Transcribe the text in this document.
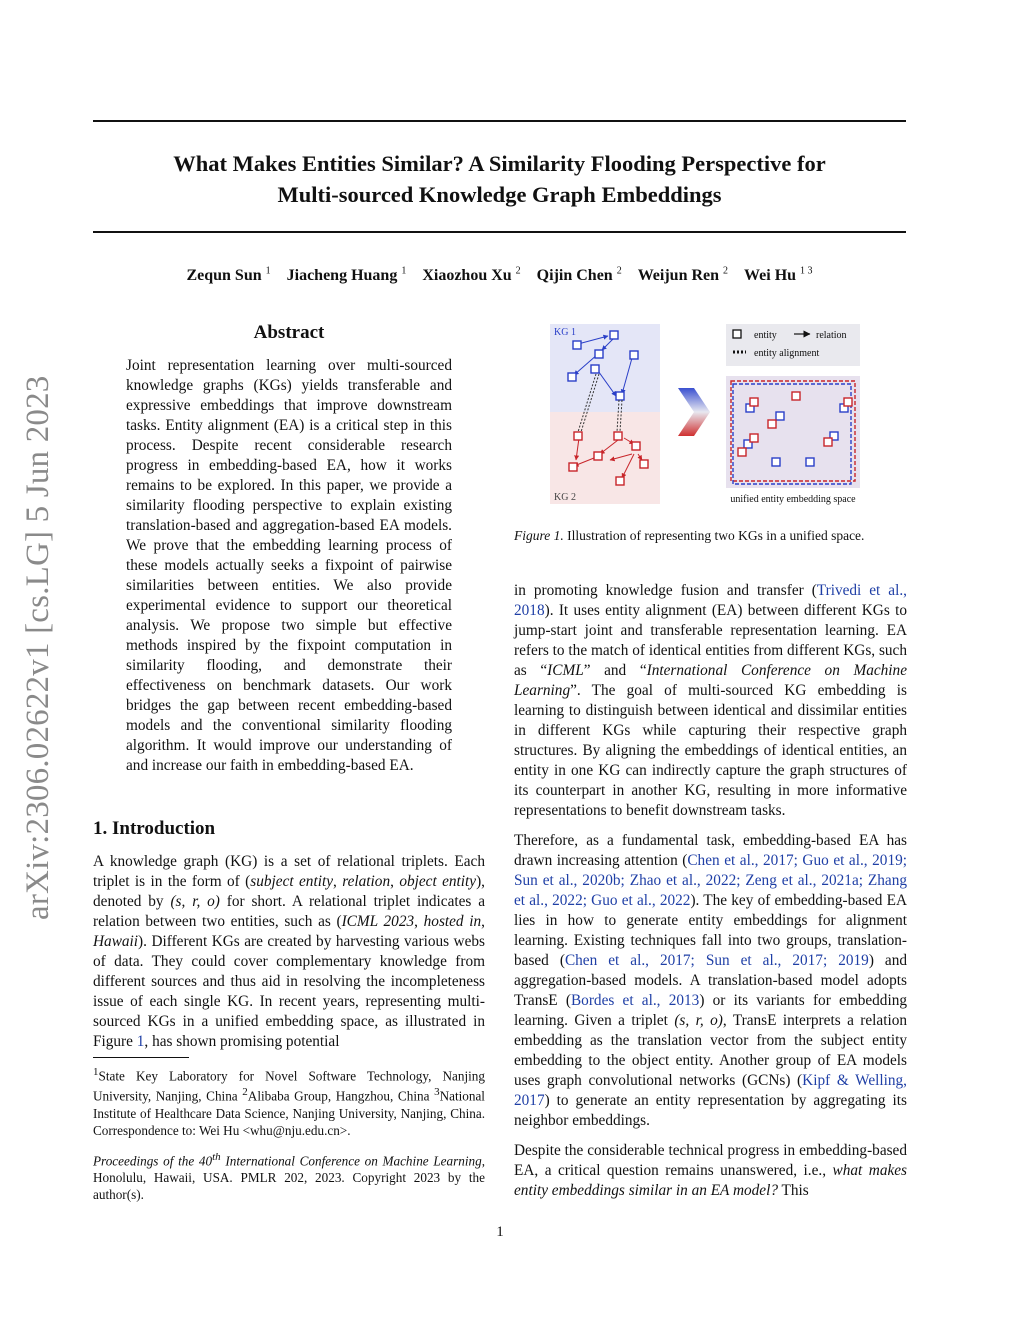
What Makes Entities Similar? A Similarity Flooding Perspective for
Multi-sourced Knowledge Graph Embeddings
Zequn Sun $^1$ Jiacheng Huang $^1$ Xiaozhou Xu $^2$ Qijin Chen $^2$ Weijun Ren $^2$ Wei Hu $^{1 3}$
arXiv:2306.02622v1 [cs.LG] 5 Jun 2023
Abstract
Joint representation learning over multi-sourced knowledge graphs (KGs) yields transferable and expressive embeddings that improve downstream tasks. Entity alignment (EA) is a critical step in this process. Despite recent considerable research progress in embedding-based EA, how it works remains to be explored. In this paper, we provide a similarity flooding perspective to explain existing translation-based and aggregation-based EA models. We prove that the embedding learning process of these models actually seeks a fixpoint of pairwise similarities between entities. We also provide experimental evidence to support our theoretical analysis. We propose two simple but effective methods inspired by the fixpoint computation in similarity flooding, and demonstrate their effectiveness on benchmark datasets. Our work bridges the gap between recent embedding-based models and the conventional similarity flooding algorithm. It would improve our understanding of and increase our faith in embedding-based EA.
1. Introduction
A knowledge graph (KG) is a set of relational triplets. Each triplet is in the form of (subject entity, relation, object entity), denoted by (s, r, o) for short. A relational triplet indicates a relation between two entities, such as (ICML 2023, hosted in, Hawaii). Different KGs are created by harvesting various webs of data. They could cover complementary knowledge from different sources and thus aid in resolving the incompleteness issue of each single KG. In recent years, representing multi-sourced KGs in a unified embedding space, as illustrated in Figure 1, has shown promising potential
$^1$State Key Laboratory for Novel Software Technology, Nanjing University, Nanjing, China $^2$Alibaba Group, Hangzhou, China $^3$National Institute of Healthcare Data Science, Nanjing University, Nanjing, China. Correspondence to: Wei Hu <whu@nju.edu.cn>.
Proceedings of the 40th International Conference on Machine Learning, Honolulu, Hawaii, USA. PMLR 202, 2023. Copyright 2023 by the author(s).
KG 1
KG 2
entity	relation
entity alignment
unified entity embedding space
Figure 1. Illustration of representing two KGs in a unified space.
in promoting knowledge fusion and transfer (Trivedi et al., 2018). It uses entity alignment (EA) between different KGs to jump-start joint and transferable representation learning. EA refers to the match of identical entities from different KGs, such as “ICML” and “International Conference on Machine Learning”. The goal of multi-sourced KG embedding is learning to distinguish between identical and dissimilar entities in different KGs while capturing their respective graph structures. By aligning the embeddings of identical entities, an entity in one KG can indirectly capture the graph structures of its counterpart in another KG, resulting in more informative representations to benefit downstream tasks.
Therefore, as a fundamental task, embedding-based EA has drawn increasing attention (Chen et al., 2017; Guo et al., 2019; Sun et al., 2020b; Zhao et al., 2022; Zeng et al., 2021a; Zhang et al., 2022; Guo et al., 2022). The key of embedding-based EA lies in how to generate entity embeddings for alignment learning. Existing techniques fall into two groups, translation-based (Chen et al., 2017; Sun et al., 2017; 2019) and aggregation-based models. A translation-based model adopts TransE (Bordes et al., 2013) or its variants for embedding learning. Given a triplet (s, r, o), TransE interprets a relation embedding as the translation vector from the subject entity embedding to the object entity. Another group of EA models uses graph convolutional networks (GCNs) (Kipf & Welling, 2017) to generate an entity representation by aggregating its neighbor embeddings.
Despite the considerable technical progress in embedding-based EA, a critical question remains unanswered, i.e., what makes entity embeddings similar in an EA model? This
1
